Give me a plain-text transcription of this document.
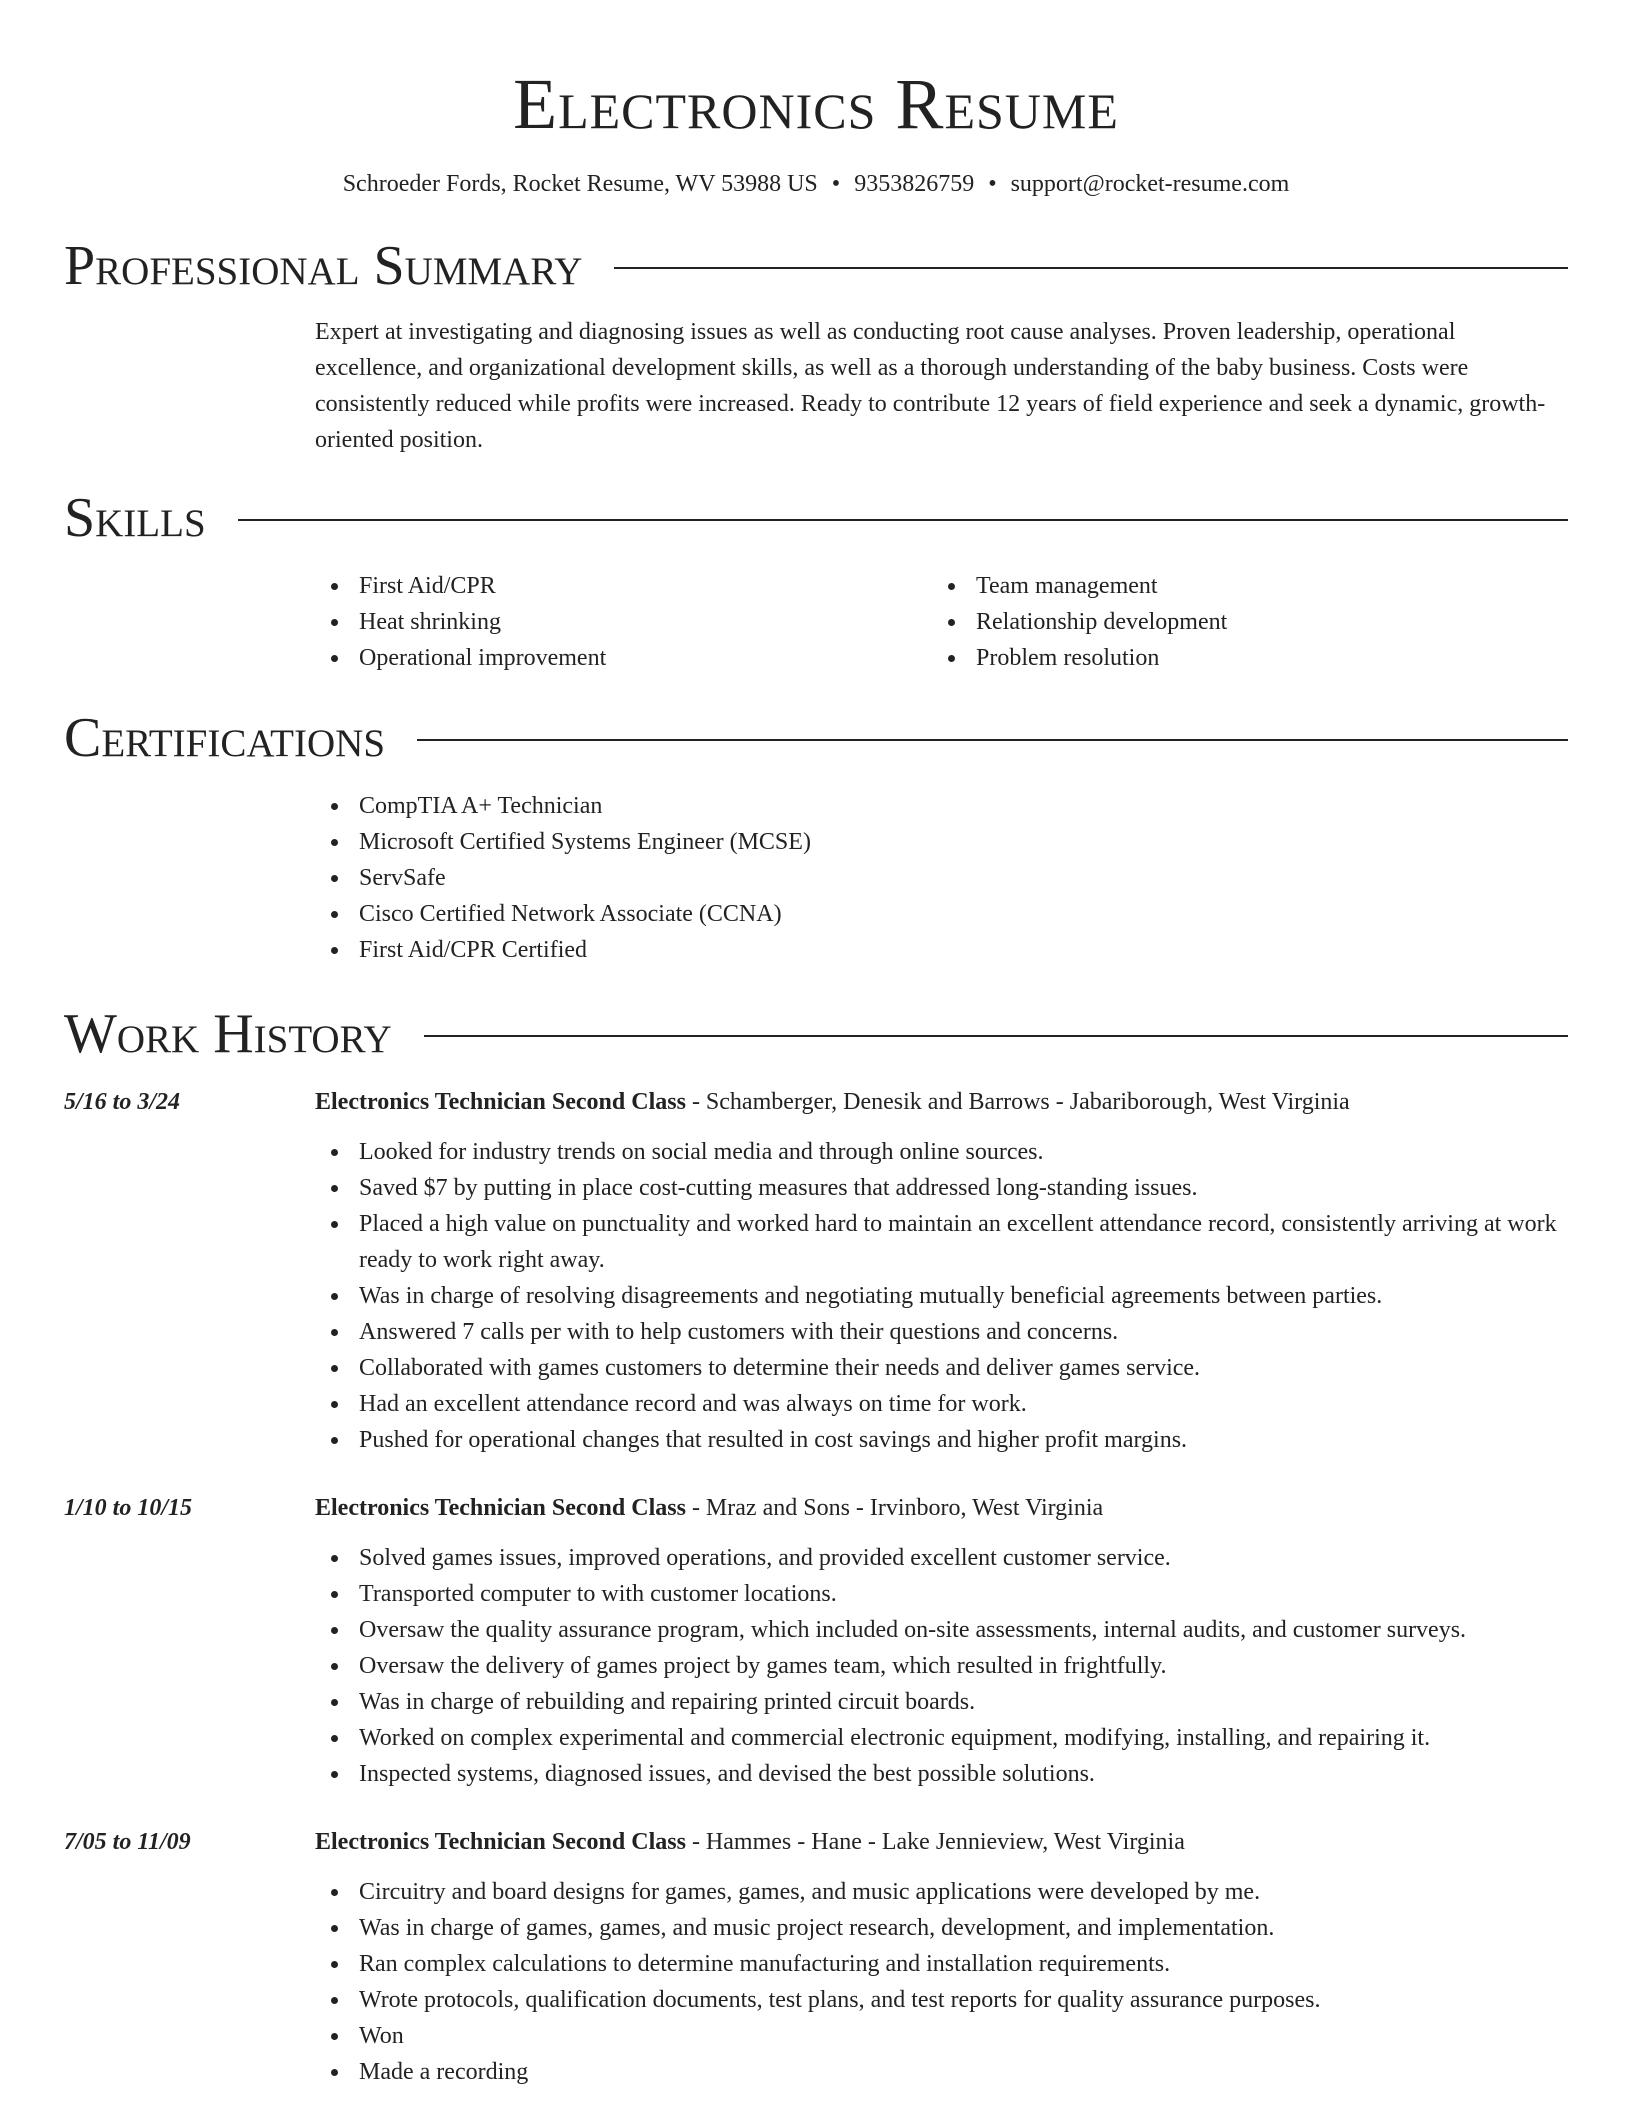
Electronics Resume
Schroeder Fords, Rocket Resume, WV 53988 US • 9353826759 • support@rocket-resume.com
Professional Summary

Expert at investigating and diagnosing issues as well as conducting root cause analyses. Proven leadership, operational excellence, and organizational development skills, as well as a thorough understanding of the baby business. Costs were consistently reduced while profits were increased. Ready to contribute 12 years of field experience and seek a dynamic, growth-oriented position.

Skills
First Aid/CPR
Heat shrinking
Operational improvement
Team management
Relationship development
Problem resolution
Certifications
CompTIA A+ Technician
Microsoft Certified Systems Engineer (MCSE)
ServSafe
Cisco Certified Network Associate (CCNA)
First Aid/CPR Certified
Work History
5/16 to 3/24	Electronics Technician Second Class - Schamberger, Denesik and Barrows - Jabariborough, West Virginia
Looked for industry trends on social media and through online sources.
Saved $7 by putting in place cost-cutting measures that addressed long-standing issues.
Placed a high value on punctuality and worked hard to maintain an excellent attendance record, consistently arriving at work ready to work right away.
Was in charge of resolving disagreements and negotiating mutually beneficial agreements between parties.
Answered 7 calls per with to help customers with their questions and concerns.
Collaborated with games customers to determine their needs and deliver games service.
Had an excellent attendance record and was always on time for work.
Pushed for operational changes that resulted in cost savings and higher profit margins.
1/10 to 10/15	Electronics Technician Second Class - Mraz and Sons - Irvinboro, West Virginia
Solved games issues, improved operations, and provided excellent customer service.
Transported computer to with customer locations.
Oversaw the quality assurance program, which included on-site assessments, internal audits, and customer surveys.
Oversaw the delivery of games project by games team, which resulted in frightfully.
Was in charge of rebuilding and repairing printed circuit boards.
Worked on complex experimental and commercial electronic equipment, modifying, installing, and repairing it.
Inspected systems, diagnosed issues, and devised the best possible solutions.
7/05 to 11/09	Electronics Technician Second Class - Hammes - Hane - Lake Jennieview, West Virginia
Circuitry and board designs for games, games, and music applications were developed by me.
Was in charge of games, games, and music project research, development, and implementation.
Ran complex calculations to determine manufacturing and installation requirements.
Wrote protocols, qualification documents, test plans, and test reports for quality assurance purposes.
Won
Made a recording
